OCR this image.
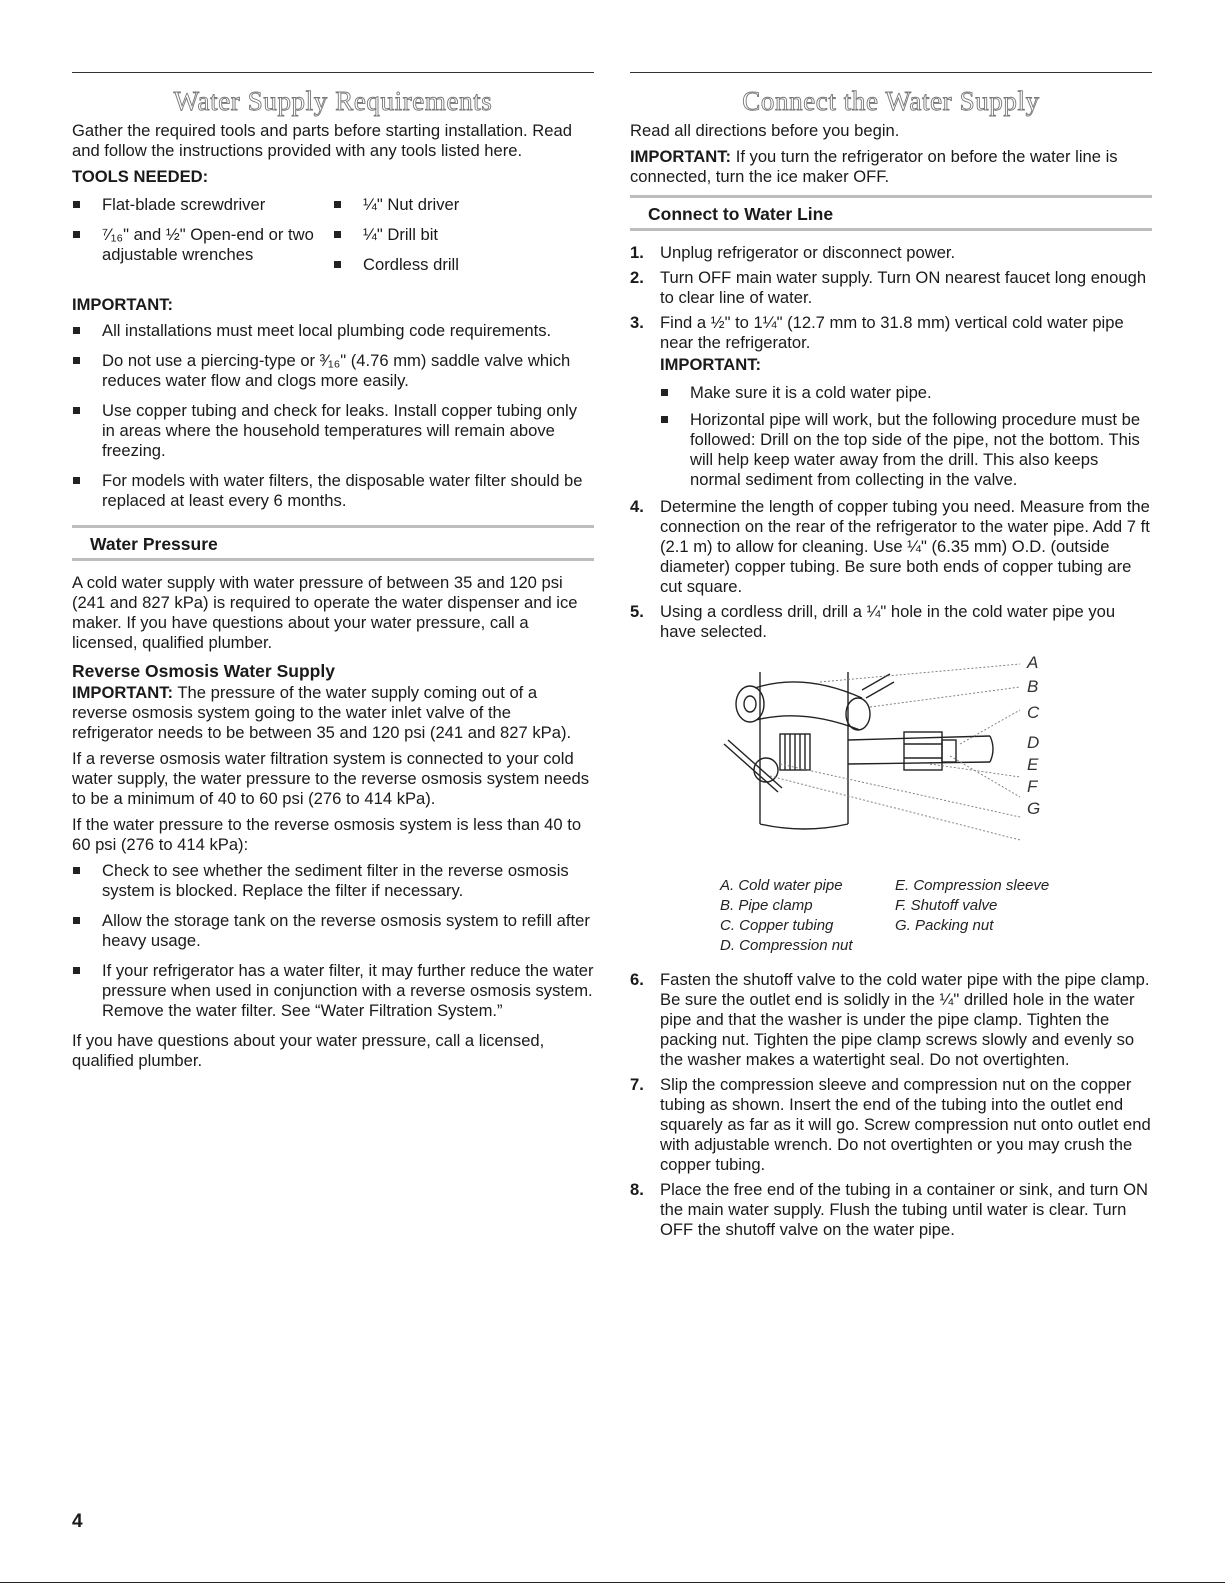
Water Supply Requirements

Gather the required tools and parts before starting installation. Read and follow the instructions provided with any tools listed here.

TOOLS NEEDED:
Flat-blade screwdriver
⁷⁄₁₆" and ½" Open-end or two adjustable wrenches
¼" Nut driver
¼" Drill bit
Cordless drill
IMPORTANT:
All installations must meet local plumbing code requirements.
Do not use a piercing-type or ³⁄₁₆" (4.76 mm) saddle valve which reduces water flow and clogs more easily.
Use copper tubing and check for leaks. Install copper tubing only in areas where the household temperatures will remain above freezing.
For models with water filters, the disposable water filter should be replaced at least every 6 months.
Water Pressure

A cold water supply with water pressure of between 35 and 120 psi (241 and 827 kPa) is required to operate the water dispenser and ice maker. If you have questions about your water pressure, call a licensed, qualified plumber.

Reverse Osmosis Water Supply

IMPORTANT: The pressure of the water supply coming out of a reverse osmosis system going to the water inlet valve of the refrigerator needs to be between 35 and 120 psi (241 and 827 kPa).

If a reverse osmosis water filtration system is connected to your cold water supply, the water pressure to the reverse osmosis system needs to be a minimum of 40 to 60 psi (276 to 414 kPa).

If the water pressure to the reverse osmosis system is less than 40 to 60 psi (276 to 414 kPa):

Check to see whether the sediment filter in the reverse osmosis system is blocked. Replace the filter if necessary.
Allow the storage tank on the reverse osmosis system to refill after heavy usage.
If your refrigerator has a water filter, it may further reduce the water pressure when used in conjunction with a reverse osmosis system. Remove the water filter. See “Water Filtration System.”

If you have questions about your water pressure, call a licensed, qualified plumber.

Connect the Water Supply

Read all directions before you begin.

IMPORTANT: If you turn the refrigerator on before the water line is connected, turn the ice maker OFF.

Connect to Water Line
1. Unplug refrigerator or disconnect power.
2. Turn OFF main water supply. Turn ON nearest faucet long enough to clear line of water.
3. Find a ½" to 1¼" (12.7 mm to 31.8 mm) vertical cold water pipe near the refrigerator.
IMPORTANT:
Make sure it is a cold water pipe.
Horizontal pipe will work, but the following procedure must be followed: Drill on the top side of the pipe, not the bottom. This will help keep water away from the drill. This also keeps normal sediment from collecting in the valve.
4. Determine the length of copper tubing you need. Measure from the connection on the rear of the refrigerator to the water pipe. Add 7 ft (2.1 m) to allow for cleaning. Use ¼" (6.35 mm) O.D. (outside diameter) copper tubing. Be sure both ends of copper tubing are cut square.
5. Using a cordless drill, drill a ¼" hole in the cold water pipe you have selected.
A
B
C
D
E
F
G
A. Cold water pipe
B. Pipe clamp
C. Copper tubing
D. Compression nut
E. Compression sleeve
F. Shutoff valve
G. Packing nut
6. Fasten the shutoff valve to the cold water pipe with the pipe clamp. Be sure the outlet end is solidly in the ¼" drilled hole in the water pipe and that the washer is under the pipe clamp. Tighten the packing nut. Tighten the pipe clamp screws slowly and evenly so the washer makes a watertight seal. Do not overtighten.
7. Slip the compression sleeve and compression nut on the copper tubing as shown. Insert the end of the tubing into the outlet end squarely as far as it will go. Screw compression nut onto outlet end with adjustable wrench. Do not overtighten or you may crush the copper tubing.
8. Place the free end of the tubing in a container or sink, and turn ON the main water supply. Flush the tubing until water is clear. Turn OFF the shutoff valve on the water pipe.
4
